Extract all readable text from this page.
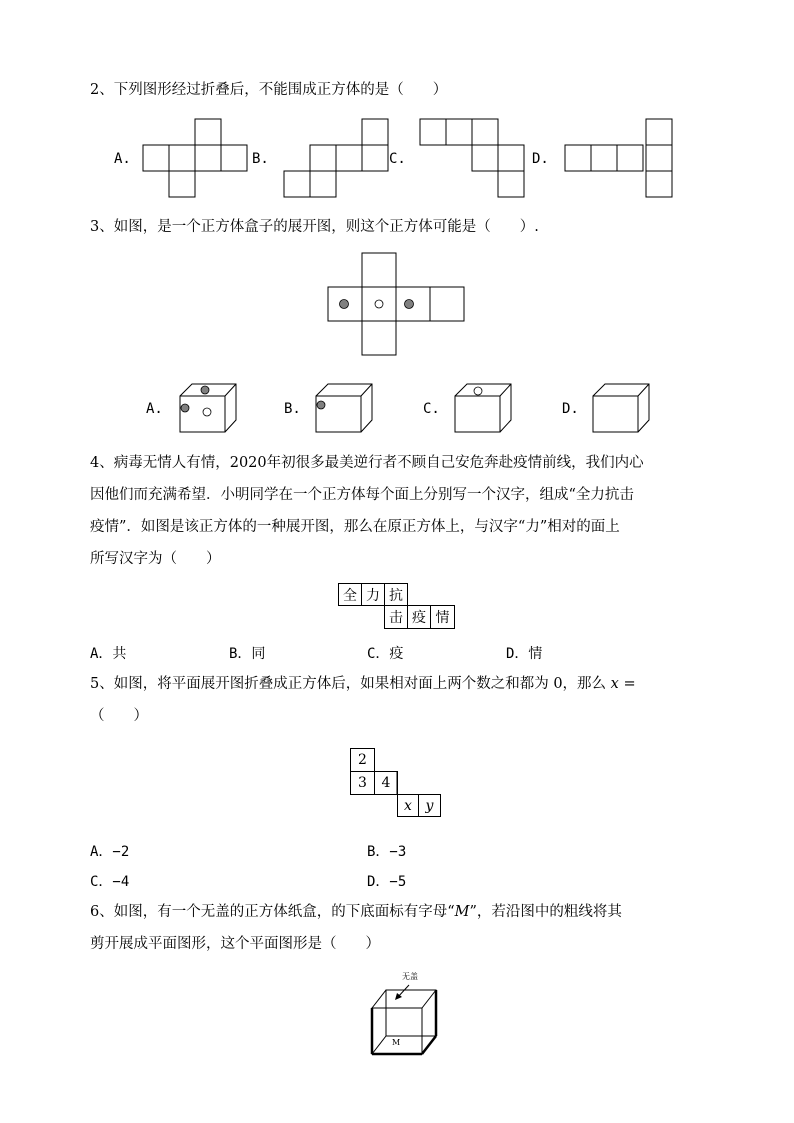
2、下列图形经过折叠后，不能围成正方体的是（　　）
A.	B.	C.	D.
3、如图，是一个正方体盒子的展开图，则这个正方体可能是（　　）.
A.	B.	C.	D.
4、病毒无情人有情，2020年初很多最美逆行者不顾自己安危奔赴疫情前线，我们内心
因他们而充满希望．小明同学在一个正方体每个面上分别写一个汉字，组成“全力抗击
疫情”．如图是该正方体的一种展开图，那么在原正方体上，与汉字“力”相对的面上
所写汉字为（　　）
全 力 抗
击 疫 情
A．共	B．同	C．疫	D．情
5、如图，将平面展开图折叠成正方体后，如果相对面上两个数之和都为 0，那么 x =
（　　）
2
3	4
x y
A．−2	B．−3
C．−4	D．−5
6、如图，有一个无盖的正方体纸盒，的下底面标有字母“M”，若沿图中的粗线将其
剪开展成平面图形，这个平面图形是（　　）
无盖
M
